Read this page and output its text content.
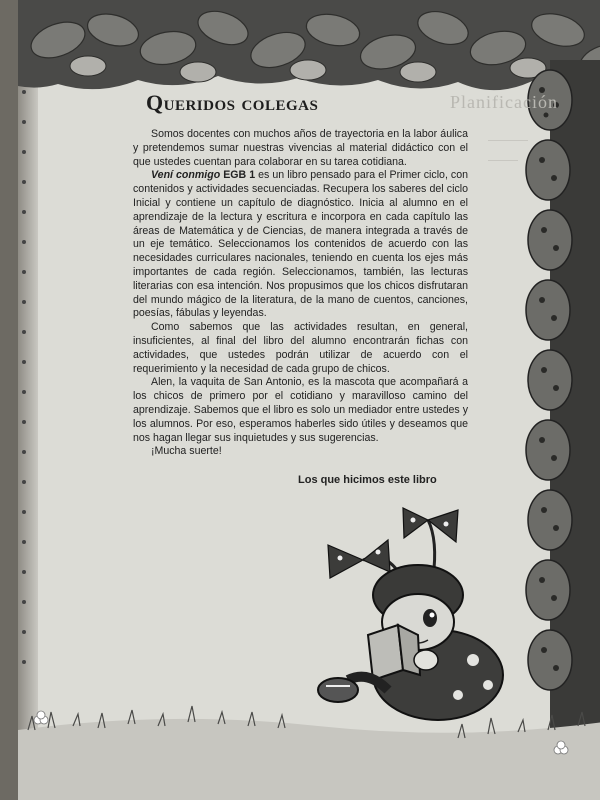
Planificación
Queridos colegas

Somos docentes con muchos años de trayectoria en la labor áulica y pretendemos sumar nuestras vivencias al material didáctico con el que ustedes cuentan para colaborar en su tarea cotidiana.

Vení conmigo EGB 1 es un libro pensado para el Primer ciclo, con contenidos y actividades secuenciadas. Recupera los saberes del ciclo Inicial y contiene un capítulo de diagnóstico. Inicia al alumno en el aprendizaje de la lectura y escritura e incorpora en cada capítulo las áreas de Matemática y de Ciencias, de manera integrada a través de un eje temático. Seleccionamos los contenidos de acuerdo con las necesidades curriculares nacionales, teniendo en cuenta los ejes más importantes de cada región. Seleccionamos, también, las lecturas literarias con esa intención. Nos propusimos que los chicos disfrutaran del mundo mágico de la literatura, de la mano de cuentos, canciones, poesías, fábulas y leyendas.

Como sabemos que las actividades resultan, en general, insuficientes, al final del libro del alumno encontrarán fichas con actividades, que ustedes podrán utilizar de acuerdo con el requerimiento y la necesidad de cada grupo de chicos.

Alen, la vaquita de San Antonio, es la mascota que acompañará a los chicos de primero por el cotidiano y maravilloso camino del aprendizaje. Sabemos que el libro es solo un mediador entre ustedes y los alumnos. Por eso, esperamos haberles sido útiles y deseamos que nos hagan llegar sus inquietudes y sus sugerencias.

¡Mucha suerte!

Los que hicimos este libro
